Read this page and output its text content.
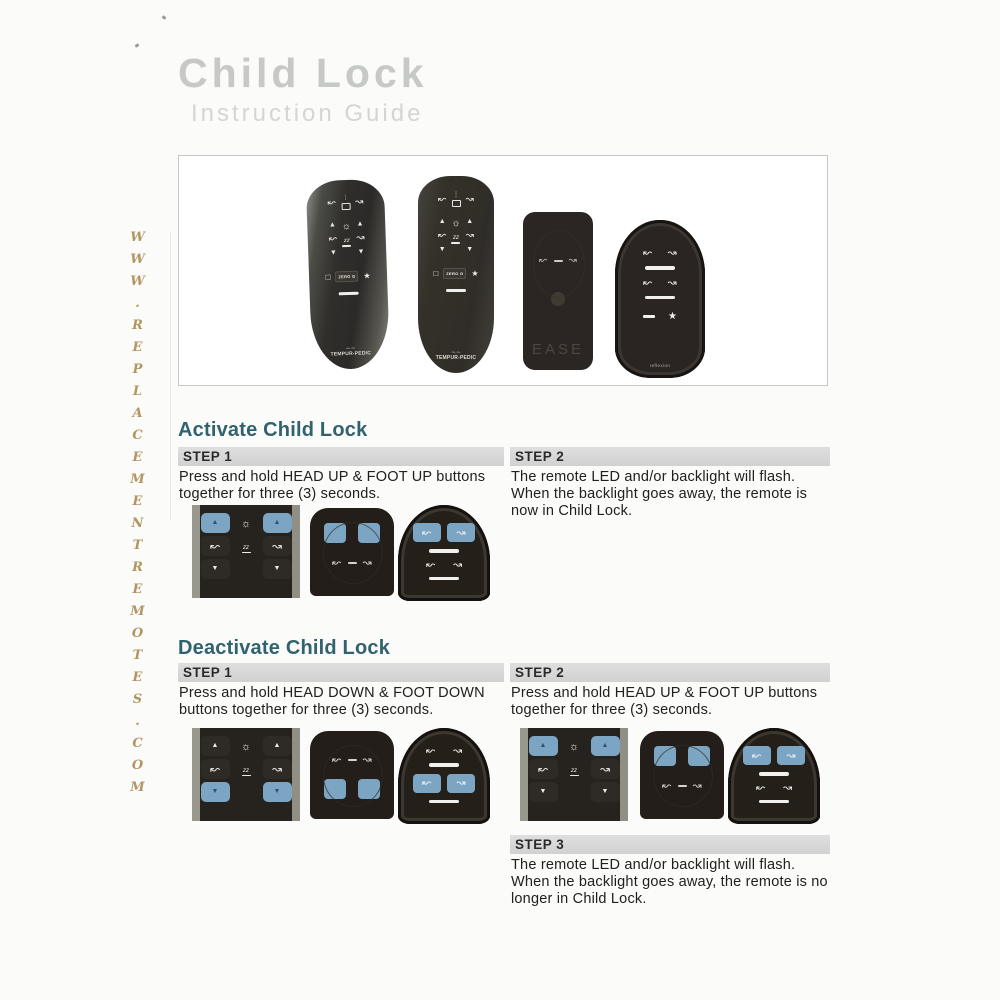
WWW.REPLACEMENTREMOTES.COM
Child Lock
Instruction Guide
↝ ⋮ ↝
▲
↝
▼
☼
zz
▲
↝
▼
□	ZERO G ★
∼∼
TEMPUR-PEDIC
↝ ⋮ ↝
▲
↝
▼
☼
zz
▲
↝
▼
□	ZERO G	★
∼∼
TEMPUR-PEDIC
↝ ↝
EASE
↝ ↝
↝ ↝
★
reflexion
Activate Child Lock
STEP 1	STEP 2
Press and hold HEAD UP & FOOT UP buttons together for three (3) seconds.
The remote LED and/or backlight will flash. When the backlight goes away, the remote is now in Child Lock.
▲
↝
▼
☼
zz
▲
↝
▼	↝ ↝
↝ ↝
↝ ↝
Deactivate Child Lock
STEP 1	STEP 2
Press and hold HEAD DOWN & FOOT DOWN buttons together for three (3) seconds.
Press and hold HEAD UP & FOOT UP buttons together for three (3) seconds.
▲
↝
▼
☼
zz
▲
↝
▼
↝ ↝
↝ ↝
↝ ↝
▲
↝
▼
☼
zz
▲
↝
▼	↝ ↝
↝ ↝
↝ ↝
STEP 3
The remote LED and/or backlight will flash. When the backlight goes away, the remote is no longer in Child Lock.
